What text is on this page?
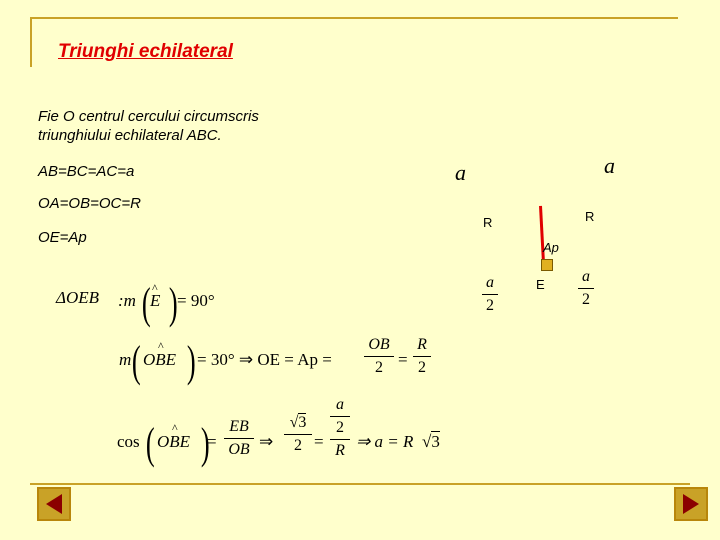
Triunghi echilateral
Fie O centrul cercului circumscris
triunghiului echilateral ABC.
AB=BC=AC=a
OA=OB=OC=R
OE=Ap
a	a
R	R
Ap
E
a
2
a
2
ΔOEB :m ( ^
E ) = 90°
m ( ^
OBE ) = 30° ⇒ OE = Ap =
OB
2 =
R
2
cos ( ^
OBE )
=
EB
OB ⇒
√3
2 =
a
2
R ⇒ a = R √3
